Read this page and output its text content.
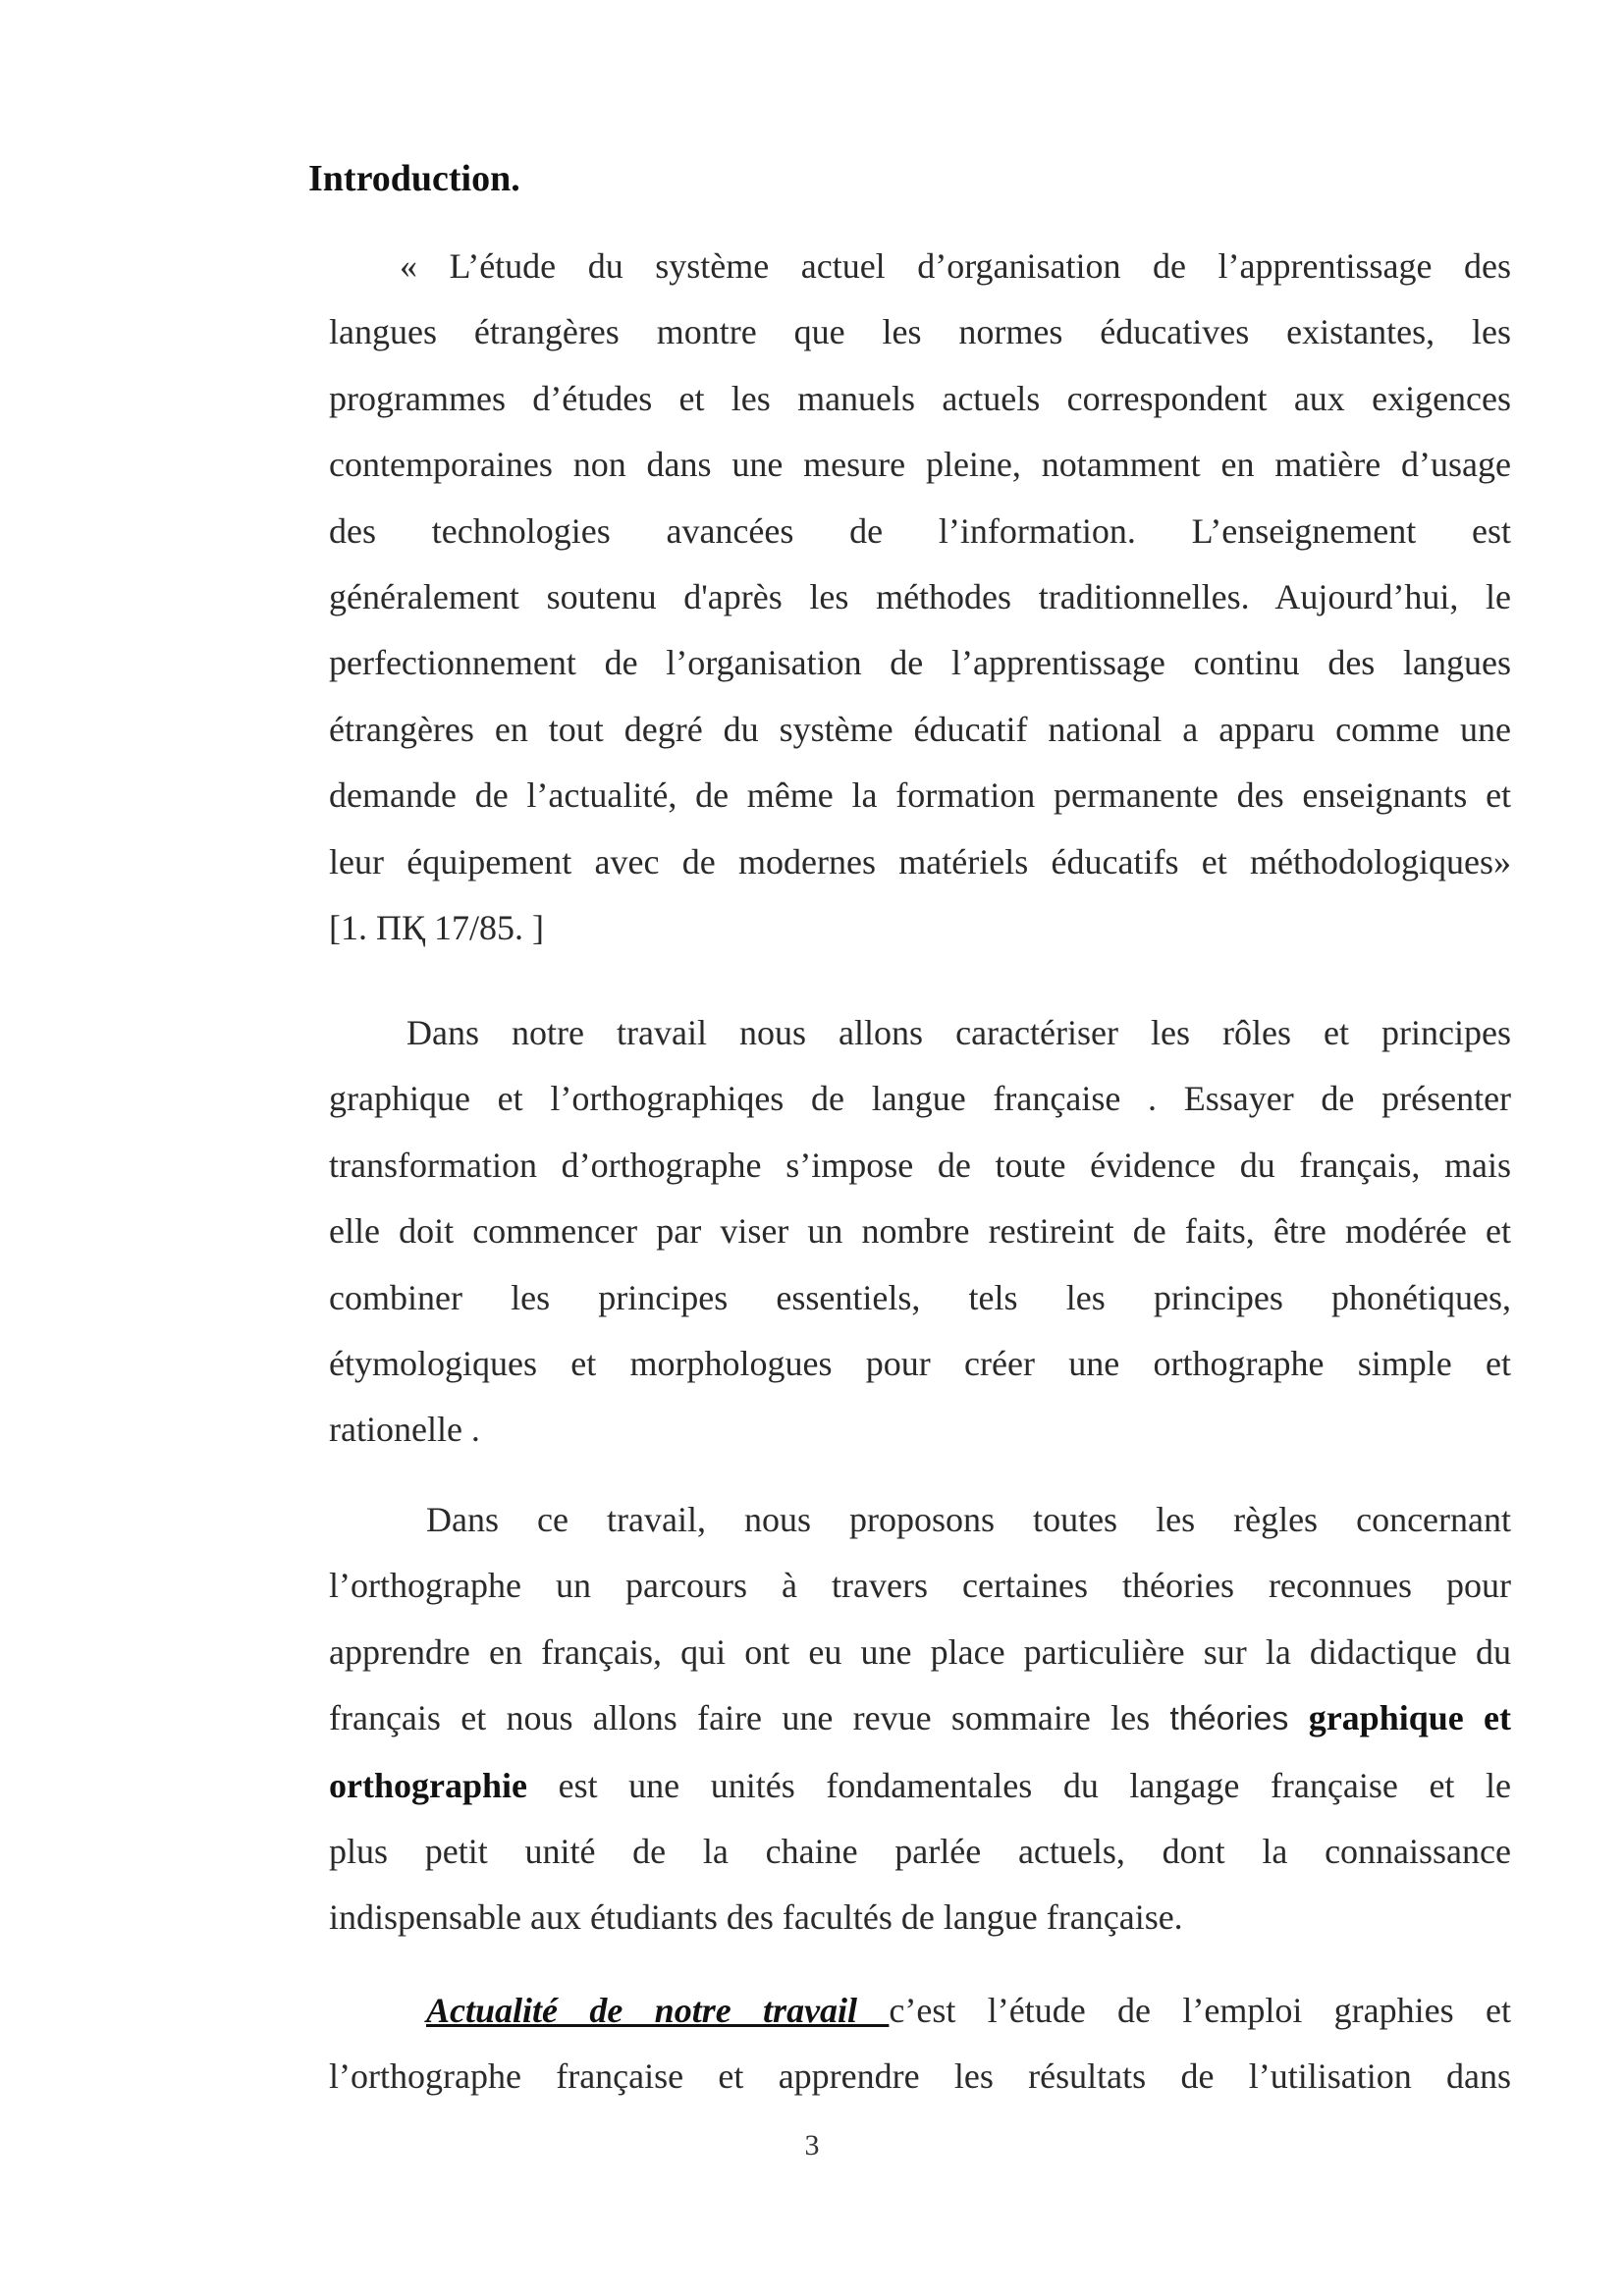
Introduction.
« L’étude du système actuel d’organisation de l’apprentissage des
langues étrangères montre que les normes éducatives existantes, les
programmes d’études et les manuels actuels correspondent aux exigences
contemporaines non dans une mesure pleine, notamment en matière d’usage
des technologies avancées de l’information. L’enseignement est
généralement soutenu d'après les méthodes traditionnelles. Aujourd’hui, le
perfectionnement de l’organisation de l’apprentissage continu des langues
étrangères en tout degré du système éducatif national a apparu comme une
demande de l’actualité, de même la formation permanente des enseignants et
leur équipement avec de modernes matériels éducatifs et méthodologiques»
[1. ПҚ 17/85. ]
Dans notre travail nous allons caractériser les rôles et principes
graphique et l’orthographiqes de langue française . Essayer de présenter
transformation d’orthographe s’impose de toute évidence du français, mais
elle doit commencer par viser un nombre restireint de faits, être modérée et
combiner les principes essentiels, tels les principes phonétiques,
étymologiques et morphologues pour créer une orthographe simple et
rationelle .
Dans ce travail, nous proposons toutes les règles concernant
l’orthographe un parcours à travers certaines théories reconnues pour
apprendre en français, qui ont eu une place particulière sur la didactique du
français et nous allons faire une revue sommaire les théories graphique et
orthographie est une unités fondamentales du langage française et le
plus petit unité de la chaine parlée actuels, dont la connaissance
indispensable aux étudiants des facultés de langue française.
Actualité de notre travail c’est l’étude de l’emploi graphies et
l’orthographe française et apprendre les résultats de l’utilisation dans
3
